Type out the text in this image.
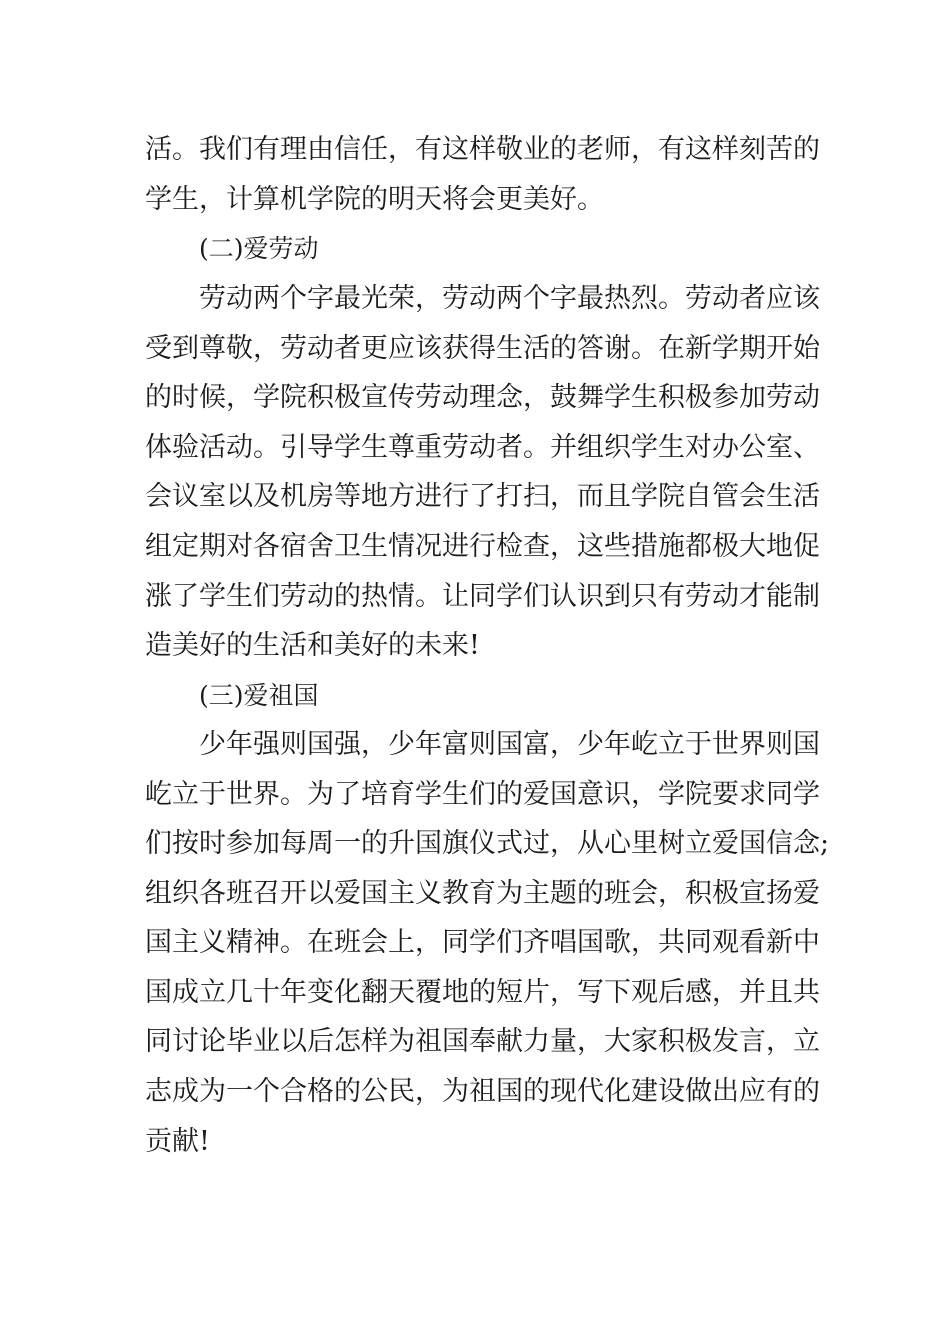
活。我们有理由信任，有这样敬业的老师，有这样刻苦的
学生，计算机学院的明天将会更美好。
(二)爱劳动
劳动两个字最光荣，劳动两个字最热烈。劳动者应该
受到尊敬，劳动者更应该获得生活的答谢。在新学期开始
的时候，学院积极宣传劳动理念，鼓舞学生积极参加劳动
体验活动。引导学生尊重劳动者。并组织学生对办公室、
会议室以及机房等地方进行了打扫，而且学院自管会生活
组定期对各宿舍卫生情况进行检查，这些措施都极大地促
涨了学生们劳动的热情。让同学们认识到只有劳动才能制
造美好的生活和美好的未来!
(三)爱祖国
少年强则国强，少年富则国富，少年屹立于世界则国
屹立于世界。为了培育学生们的爱国意识，学院要求同学
们按时参加每周一的升国旗仪式过，从心里树立爱国信念;
组织各班召开以爱国主义教育为主题的班会，积极宣扬爱
国主义精神。在班会上，同学们齐唱国歌，共同观看新中
国成立几十年变化翻天覆地的短片，写下观后感，并且共
同讨论毕业以后怎样为祖国奉献力量，大家积极发言，立
志成为一个合格的公民，为祖国的现代化建设做出应有的
贡献!
